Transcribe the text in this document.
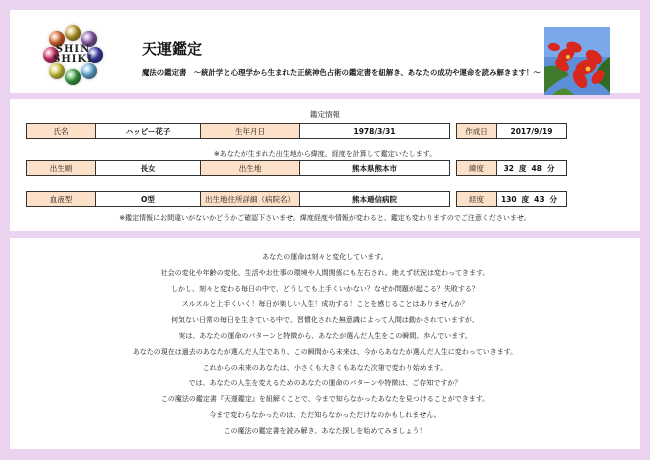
SHIN
SHIKI
天運鑑定
魔法の鑑定書　～統計学と心理学から生まれた正統神色占術の鑑定書を紐解き、あなたの成功や運命を読み解きます！～
鑑定情報
氏名	ハッピー花子	生年月日	1978/3/31	作成日	2017/9/19
※あなたが生まれた出生地から緯度、経度を計算して鑑定いたします。
出生順	長女	出生地	熊本県熊本市	緯度	32 度 48 分
血液型	O型	出生地住所詳細（病院名）	熊本逓信病院	経度	130 度 43 分
※鑑定情報にお間違いがないかどうかご確認下さいませ。緯度経度や情報が変わると、鑑定も変わりますのでご注意くださいませ。
あなたの運命は刻々と変化しています。
社会の変化や年齢の変化、生活やお仕事の環境や人間関係にも左右され、絶えず状況は変わってきます。
しかし、刻々と変わる毎日の中で、どうしても上手くいかない？なぜか問題が起こる？失敗する？
スルスルと上手くいく！毎日が楽しい人生！成功する！ことを感じることはありませんか？
何気ない日常の毎日を生きている中で、習慣化された無意識によって人間は動かされていますが、
実は、あなたの運命のパターンと特徴から、あなたが選んだ人生をこの瞬間、歩んでいます。
あなたの現在は過去のあなたが選んだ人生であり、この瞬間から未来は、今からあなたが選んだ人生に変わっていきます。
これからの未来のあなたは、小さくも大きくもあなた次第で変わり始めます。
では、あなたの人生を変えるためのあなたの運命のパターンや特徴は、ご存知ですか？
この魔法の鑑定書『天運鑑定』を紐解くことで、今まで知らなかったあなたを見つけることができます。
今まで変わらなかったのは、ただ知らなかっただけなのかもしれません。
この魔法の鑑定書を読み解き、あなた探しを始めてみましょう！
